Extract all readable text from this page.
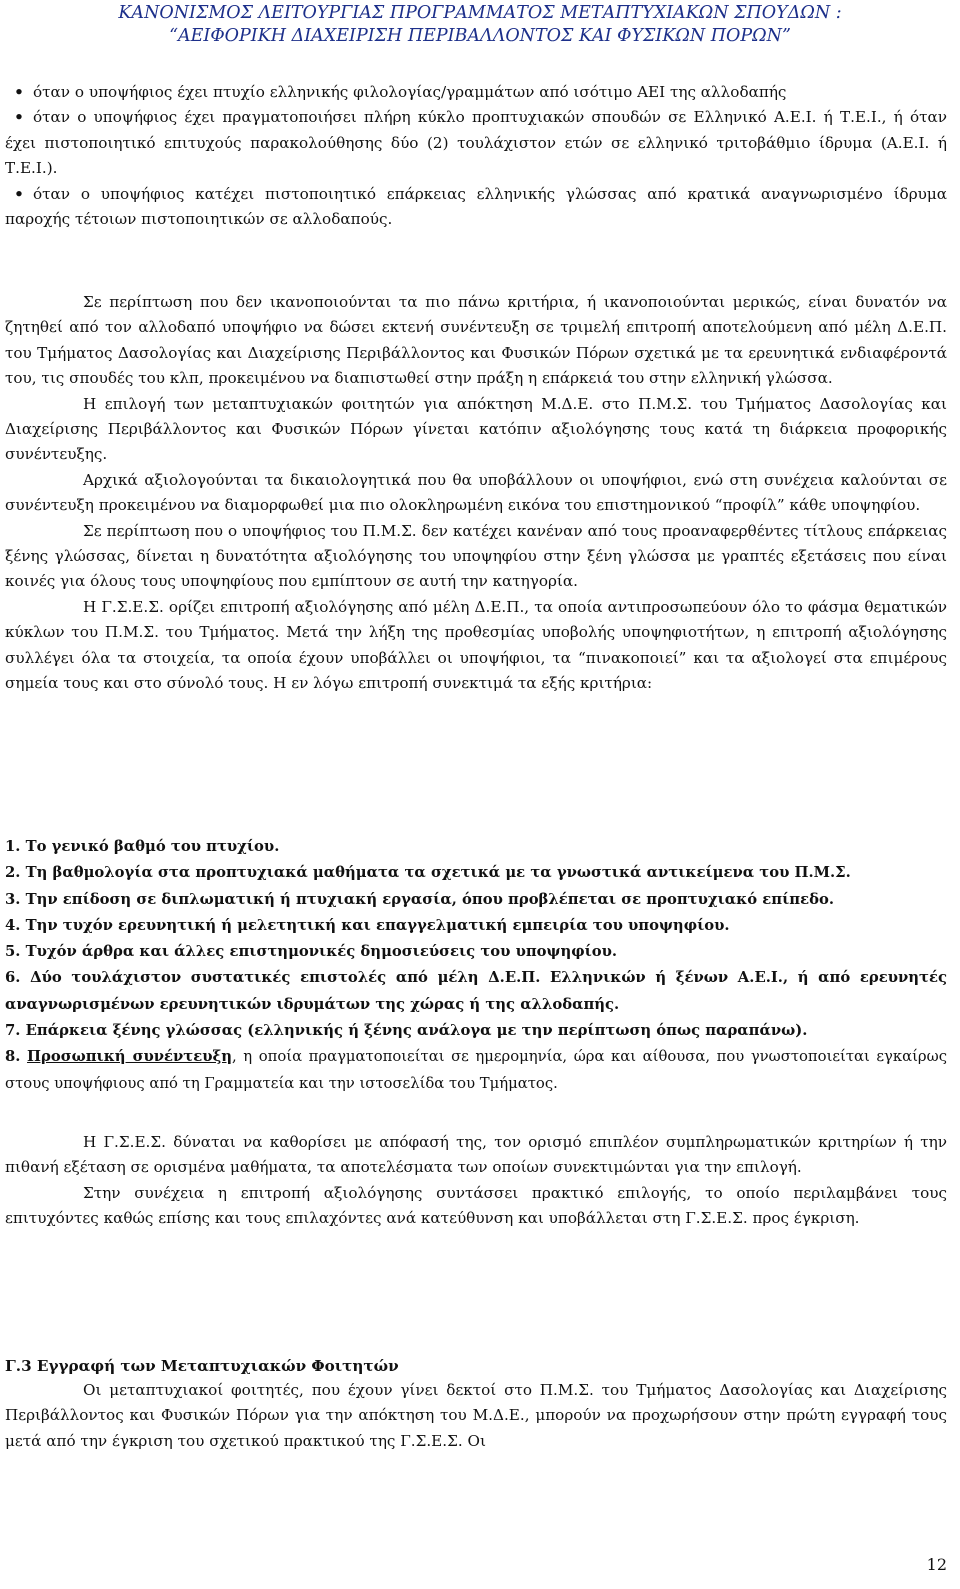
ΚΑΝΟΝΙΣΜΟΣ ΛΕΙΤΟΥΡΓΙΑΣ ΠΡΟΓΡΑΜΜΑΤΟΣ ΜΕΤΑΠΤΥΧΙΑΚΩΝ ΣΠΟΥΔΩΝ :
“ΑΕΙΦΟΡΙΚΗ ΔΙΑΧΕΙΡΙΣΗ ΠΕΡΙΒΑΛΛΟΝΤΟΣ ΚΑΙ ΦΥΣΙΚΩΝ ΠΟΡΩΝ”
• όταν ο υποψήφιος έχει πτυχίο ελληνικής φιλολογίας/γραμμάτων από ισότιμο ΑΕΙ της αλλοδαπής
• όταν ο υποψήφιος έχει πραγματοποιήσει πλήρη κύκλο προπτυχιακών σπουδών σε Ελληνικό Α.Ε.Ι. ή Τ.Ε.Ι., ή όταν έχει πιστοποιητικό επιτυχούς παρακολούθησης δύο (2) τουλάχιστον ετών σε ελληνικό τριτοβάθμιο ίδρυμα (Α.Ε.Ι. ή Τ.Ε.Ι.).
• όταν ο υποψήφιος κατέχει πιστοποιητικό επάρκειας ελληνικής γλώσσας από κρατικά αναγνωρισμένο ίδρυμα παροχής τέτοιων πιστοποιητικών σε αλλοδαπούς.
Σε περίπτωση που δεν ικανοποιούνται τα πιο πάνω κριτήρια, ή ικανοποιούνται μερικώς, είναι δυνατόν να ζητηθεί από τον αλλοδαπό υποψήφιο να δώσει εκτενή συνέντευξη σε τριμελή επιτροπή αποτελούμενη από μέλη Δ.Ε.Π. του Τμήματος Δασολογίας και Διαχείρισης Περιβάλλοντος και Φυσικών Πόρων σχετικά με τα ερευνητικά ενδιαφέροντά του, τις σπουδές του κλπ, προκειμένου να διαπιστωθεί στην πράξη η επάρκειά του στην ελληνική γλώσσα.
Η επιλογή των μεταπτυχιακών φοιτητών για απόκτηση Μ.Δ.Ε. στο Π.Μ.Σ. του Τμήματος Δασολογίας και Διαχείρισης Περιβάλλοντος και Φυσικών Πόρων γίνεται κατόπιν αξιολόγησης τους κατά τη διάρκεια προφορικής συνέντευξης.
Αρχικά αξιολογούνται τα δικαιολογητικά που θα υποβάλλουν οι υποψήφιοι, ενώ στη συνέχεια καλούνται σε συνέντευξη προκειμένου να διαμορφωθεί μια πιο ολοκληρωμένη εικόνα του επιστημονικού “προφίλ” κάθε υποψηφίου.
Σε περίπτωση που ο υποψήφιος του Π.Μ.Σ. δεν κατέχει κανέναν από τους προαναφερθέντες τίτλους επάρκειας ξένης γλώσσας, δίνεται η δυνατότητα αξιολόγησης του υποψηφίου στην ξένη γλώσσα με γραπτές εξετάσεις που είναι κοινές για όλους τους υποψηφίους που εμπίπτουν σε αυτή την κατηγορία.
Η Γ.Σ.Ε.Σ. ορίζει επιτροπή αξιολόγησης από μέλη Δ.Ε.Π., τα οποία αντιπροσωπεύουν όλο το φάσμα θεματικών κύκλων του Π.Μ.Σ. του Τμήματος. Μετά την λήξη της προθεσμίας υποβολής υποψηφιοτήτων, η επιτροπή αξιολόγησης συλλέγει όλα τα στοιχεία, τα οποία έχουν υποβάλλει οι υποψήφιοι, τα “πινακοποιεί” και τα αξιολογεί στα επιμέρους σημεία τους και στο σύνολό τους. Η εν λόγω επιτροπή συνεκτιμά τα εξής κριτήρια:
1. Το γενικό βαθμό του πτυχίου.
2. Τη βαθμολογία στα προπτυχιακά μαθήματα τα σχετικά με τα γνωστικά αντικείμενα του Π.Μ.Σ.
3. Την επίδοση σε διπλωματική ή πτυχιακή εργασία, όπου προβλέπεται σε προπτυχιακό επίπεδο.
4. Την τυχόν ερευνητική ή μελετητική και επαγγελματική εμπειρία του υποψηφίου.
5. Τυχόν άρθρα και άλλες επιστημονικές δημοσιεύσεις του υποψηφίου.
6. Δύο τουλάχιστον συστατικές επιστολές από μέλη Δ.Ε.Π. Ελληνικών ή ξένων Α.Ε.Ι., ή από ερευνητές αναγνωρισμένων ερευνητικών ιδρυμάτων της χώρας ή της αλλοδαπής.
7. Επάρκεια ξένης γλώσσας (ελληνικής ή ξένης ανάλογα με την περίπτωση όπως παραπάνω).
8. Προσωπική συνέντευξη, η οποία πραγματοποιείται σε ημερομηνία, ώρα και αίθουσα, που γνωστοποιείται εγκαίρως στους υποψήφιους από τη Γραμματεία και την ιστοσελίδα του Τμήματος.
Η Γ.Σ.Ε.Σ. δύναται να καθορίσει με απόφασή της, τον ορισμό επιπλέον συμπληρωματικών κριτηρίων ή την πιθανή εξέταση σε ορισμένα μαθήματα, τα αποτελέσματα των οποίων συνεκτιμώνται για την επιλογή.
Στην συνέχεια η επιτροπή αξιολόγησης συντάσσει πρακτικό επιλογής, το οποίο περιλαμβάνει τους επιτυχόντες καθώς επίσης και τους επιλαχόντες ανά κατεύθυνση και υποβάλλεται στη Γ.Σ.Ε.Σ. προς έγκριση.
Γ.3 Εγγραφή των Μεταπτυχιακών Φοιτητών
Οι μεταπτυχιακοί φοιτητές, που έχουν γίνει δεκτοί στο Π.Μ.Σ. του Τμήματος Δασολογίας και Διαχείρισης Περιβάλλοντος και Φυσικών Πόρων για την απόκτηση του Μ.Δ.Ε., μπορούν να προχωρήσουν στην πρώτη εγγραφή τους μετά από την έγκριση του σχετικού πρακτικού της Γ.Σ.Ε.Σ. Οι
12
